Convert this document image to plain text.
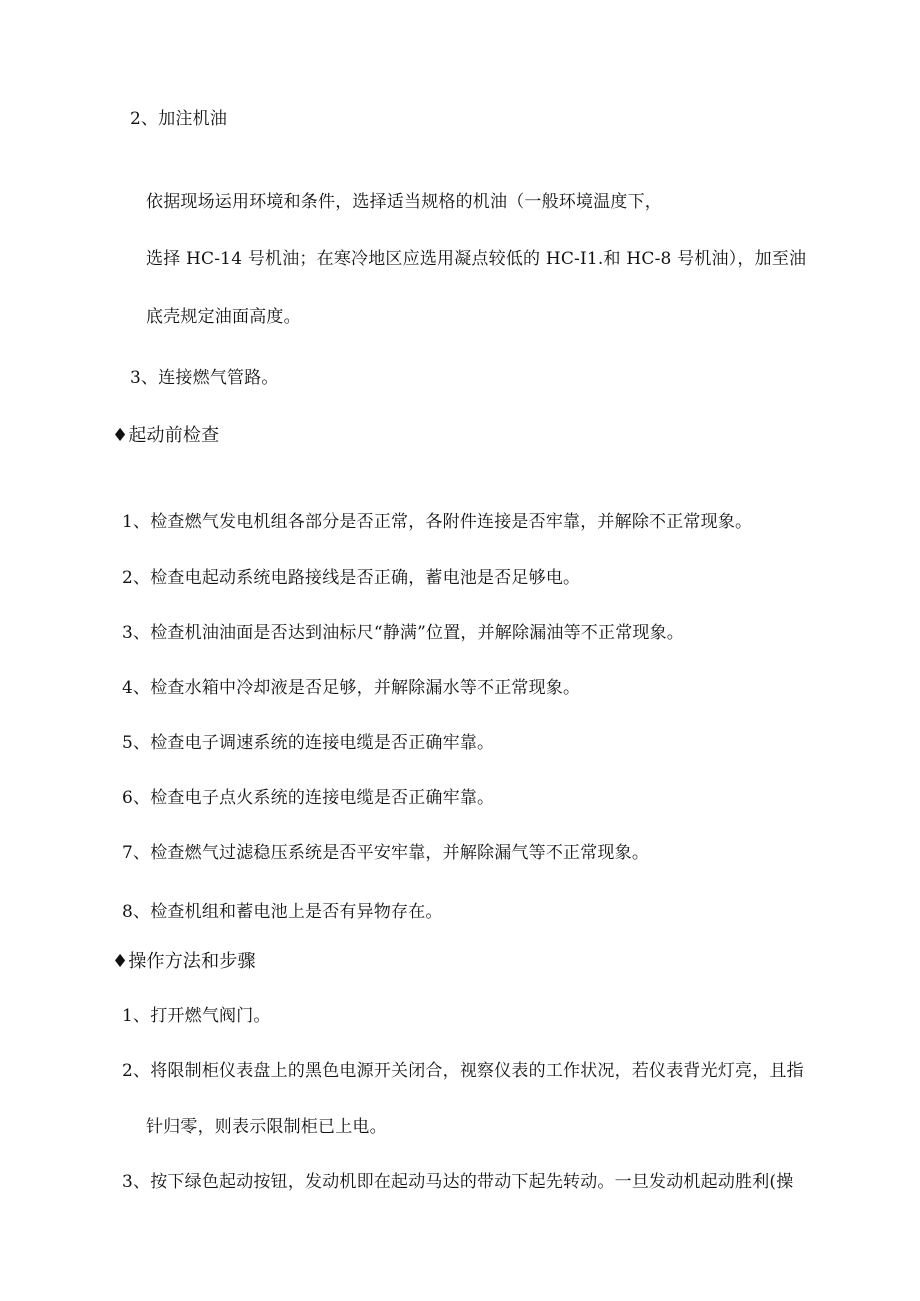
2、加注机油
依据现场运用环境和条件，选择适当规格的机油（一般环境温度下，
选择 HC-14 号机油；在寒冷地区应选用凝点较低的 HC-I1.和 HC-8 号机油），加至油
底壳规定油面高度。
3、连接燃气管路。
♦起动前检查
1、检查燃气发电机组各部分是否正常，各附件连接是否牢靠，并解除不正常现象。
2、检查电起动系统电路接线是否正确，蓄电池是否足够电。
3、检查机油油面是否达到油标尺“静满”位置，并解除漏油等不正常现象。
4、检查水箱中冷却液是否足够，并解除漏水等不正常现象。
5、检查电子调速系统的连接电缆是否正确牢靠。
6、检查电子点火系统的连接电缆是否正确牢靠。
7、检查燃气过滤稳压系统是否平安牢靠，并解除漏气等不正常现象。
8、检查机组和蓄电池上是否有异物存在。
♦操作方法和步骤
1、打开燃气阀门。
2、将限制柜仪表盘上的黑色电源开关闭合，视察仪表的工作状况，若仪表背光灯亮，且指
针归零，则表示限制柜已上电。
3、按下绿色起动按钮，发动机即在起动马达的带动下起先转动。一旦发动机起动胜利(操
